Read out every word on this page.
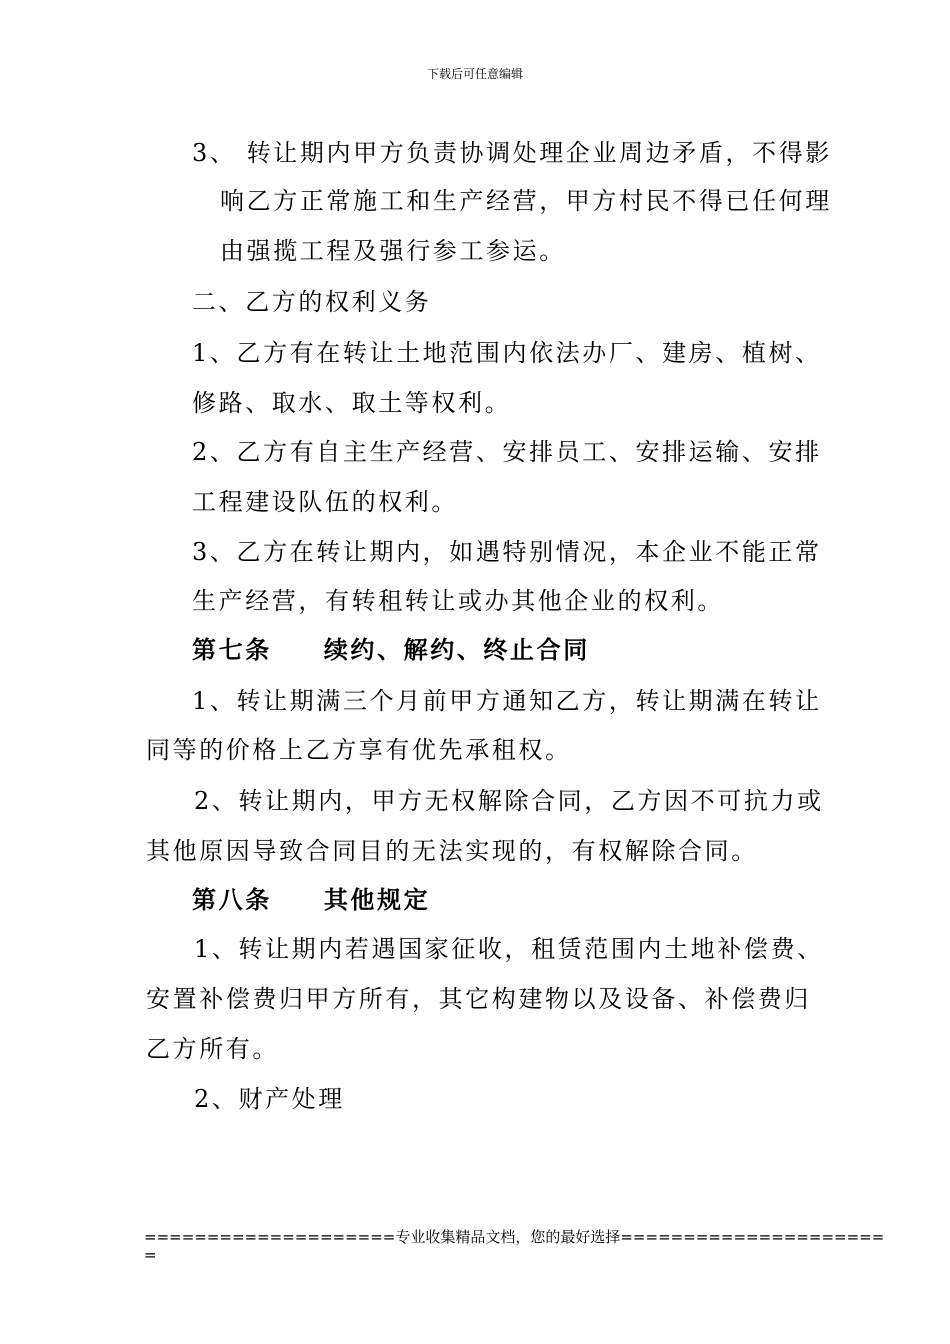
下载后可任意编辑
3、 转让期内甲方负责协调处理企业周边矛盾，不得影
响乙方正常施工和生产经营，甲方村民不得已任何理
由强揽工程及强行参工参运。
二、乙方的权利义务
1、乙方有在转让土地范围内依法办厂、建房、植树、
修路、取水、取土等权利。
2、乙方有自主生产经营、安排员工、安排运输、安排
工程建设队伍的权利。
3、乙方在转让期内，如遇特别情况，本企业不能正常
生产经营，有转租转让或办其他企业的权利。
第七条 续约、解约、终止合同
1、转让期满三个月前甲方通知乙方，转让期满在转让
同等的价格上乙方享有优先承租权。
2、转让期内，甲方无权解除合同，乙方因不可抗力或
其他原因导致合同目的无法实现的，有权解除合同。
第八条 其他规定
1、转让期内若遇国家征收，租赁范围内土地补偿费、
安置补偿费归甲方所有，其它构建物以及设备、补偿费归
乙方所有。
2、财产处理
====================专业收集精品文档，您的最好选择=====================
=
